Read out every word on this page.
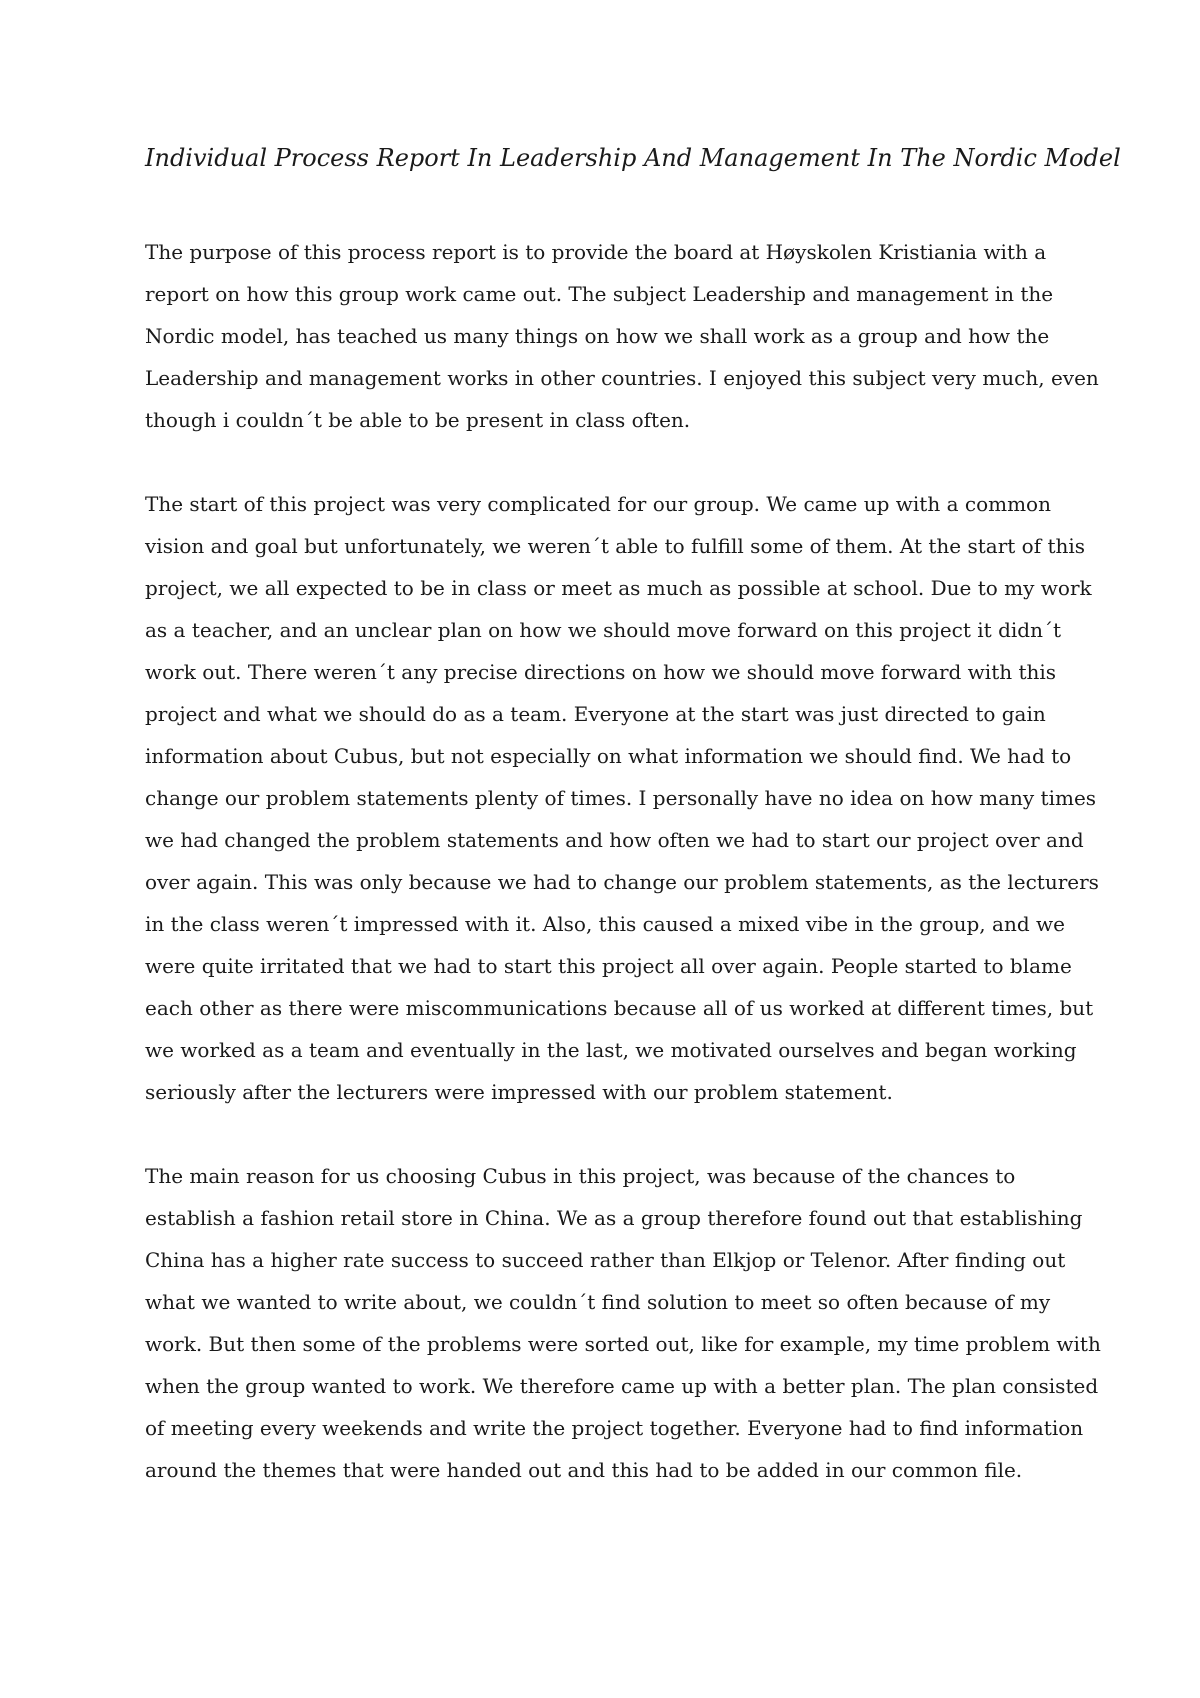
Individual Process Report In Leadership And Management In The Nordic Model
The purpose of this process report is to provide the board at Høyskolen Kristiania with a
report on how this group work came out. The subject Leadership and management in the
Nordic model, has teached us many things on how we shall work as a group and how the
Leadership and management works in other countries. I enjoyed this subject very much, even
though i couldn´t be able to be present in class often.
The start of this project was very complicated for our group. We came up with a common
vision and goal but unfortunately, we weren´t able to fulfill some of them. At the start of this
project, we all expected to be in class or meet as much as possible at school. Due to my work
as a teacher, and an unclear plan on how we should move forward on this project it didn´t
work out. There weren´t any precise directions on how we should move forward with this
project and what we should do as a team. Everyone at the start was just directed to gain
information about Cubus, but not especially on what information we should find. We had to
change our problem statements plenty of times. I personally have no idea on how many times
we had changed the problem statements and how often we had to start our project over and
over again. This was only because we had to change our problem statements, as the lecturers
in the class weren´t impressed with it. Also, this caused a mixed vibe in the group, and we
were quite irritated that we had to start this project all over again. People started to blame
each other as there were miscommunications because all of us worked at different times, but
we worked as a team and eventually in the last, we motivated ourselves and began working
seriously after the lecturers were impressed with our problem statement.
The main reason for us choosing Cubus in this project, was because of the chances to
establish a fashion retail store in China. We as a group therefore found out that establishing
China has a higher rate success to succeed rather than Elkjop or Telenor. After finding out
what we wanted to write about, we couldn´t find solution to meet so often because of my
work. But then some of the problems were sorted out, like for example, my time problem with
when the group wanted to work. We therefore came up with a better plan. The plan consisted
of meeting every weekends and write the project together. Everyone had to find information
around the themes that were handed out and this had to be added in our common file.
